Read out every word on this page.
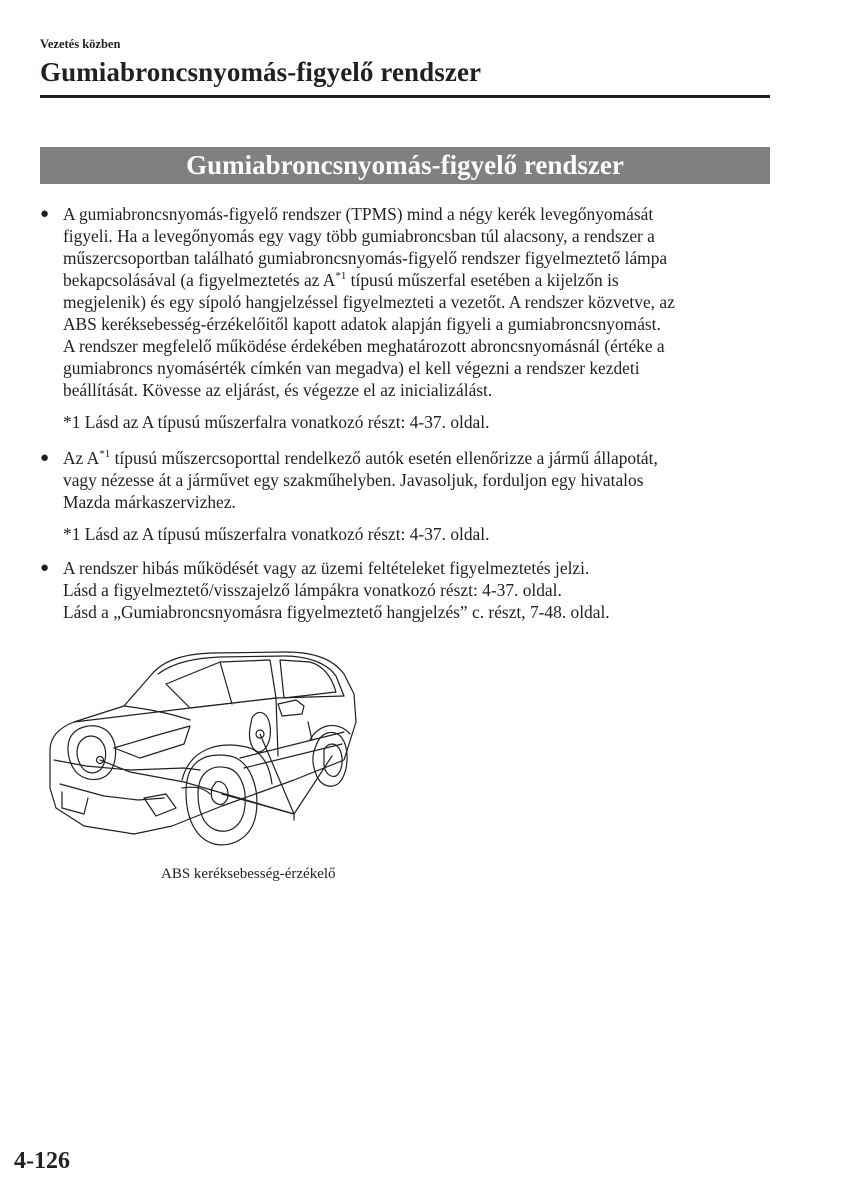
Vezetés közben
Gumiabroncsnyomás-figyelő rendszer
Gumiabroncsnyomás-figyelő rendszer
● A gumiabroncsnyomás-figyelő rendszer (TPMS) mind a négy kerék levegőnyomását
figyeli. Ha a levegőnyomás egy vagy több gumiabroncsban túl alacsony, a rendszer a
műszercsoportban található gumiabroncsnyomás-figyelő rendszer figyelmeztető lámpa
bekapcsolásával (a figyelmeztetés az $A^{*1}$ típusú műszerfal esetében a kijelzőn is
megjelenik) és egy sípoló hangjelzéssel figyelmezteti a vezetőt. A rendszer közvetve, az
ABS keréksebesség-érzékelőitől kapott adatok alapján figyeli a gumiabroncsnyomást.
A rendszer megfelelő működése érdekében meghatározott abroncsnyomásnál (értéke a
gumiabroncs nyomásérték címkén van megadva) el kell végezni a rendszer kezdeti
beállítását. Kövesse az eljárást, és végezze el az inicializálást.
*1 Lásd az A típusú műszerfalra vonatkozó részt: 4-37. oldal.
● Az $A^{*1}$ típusú műszercsoporttal rendelkező autók esetén ellenőrizze a jármű állapotát,
vagy nézesse át a járművet egy szakműhelyben. Javasoljuk, forduljon egy hivatalos
Mazda márkaszervizhez.
*1 Lásd az A típusú műszerfalra vonatkozó részt: 4-37. oldal.
● A rendszer hibás működését vagy az üzemi feltételeket figyelmeztetés jelzi.
Lásd a figyelmeztető/visszajelző lámpákra vonatkozó részt: 4-37. oldal.
Lásd a „Gumiabroncsnyomásra figyelmeztető hangjelzés” c. részt, 7-48. oldal.
ABS keréksebesség-érzékelő
4-126
